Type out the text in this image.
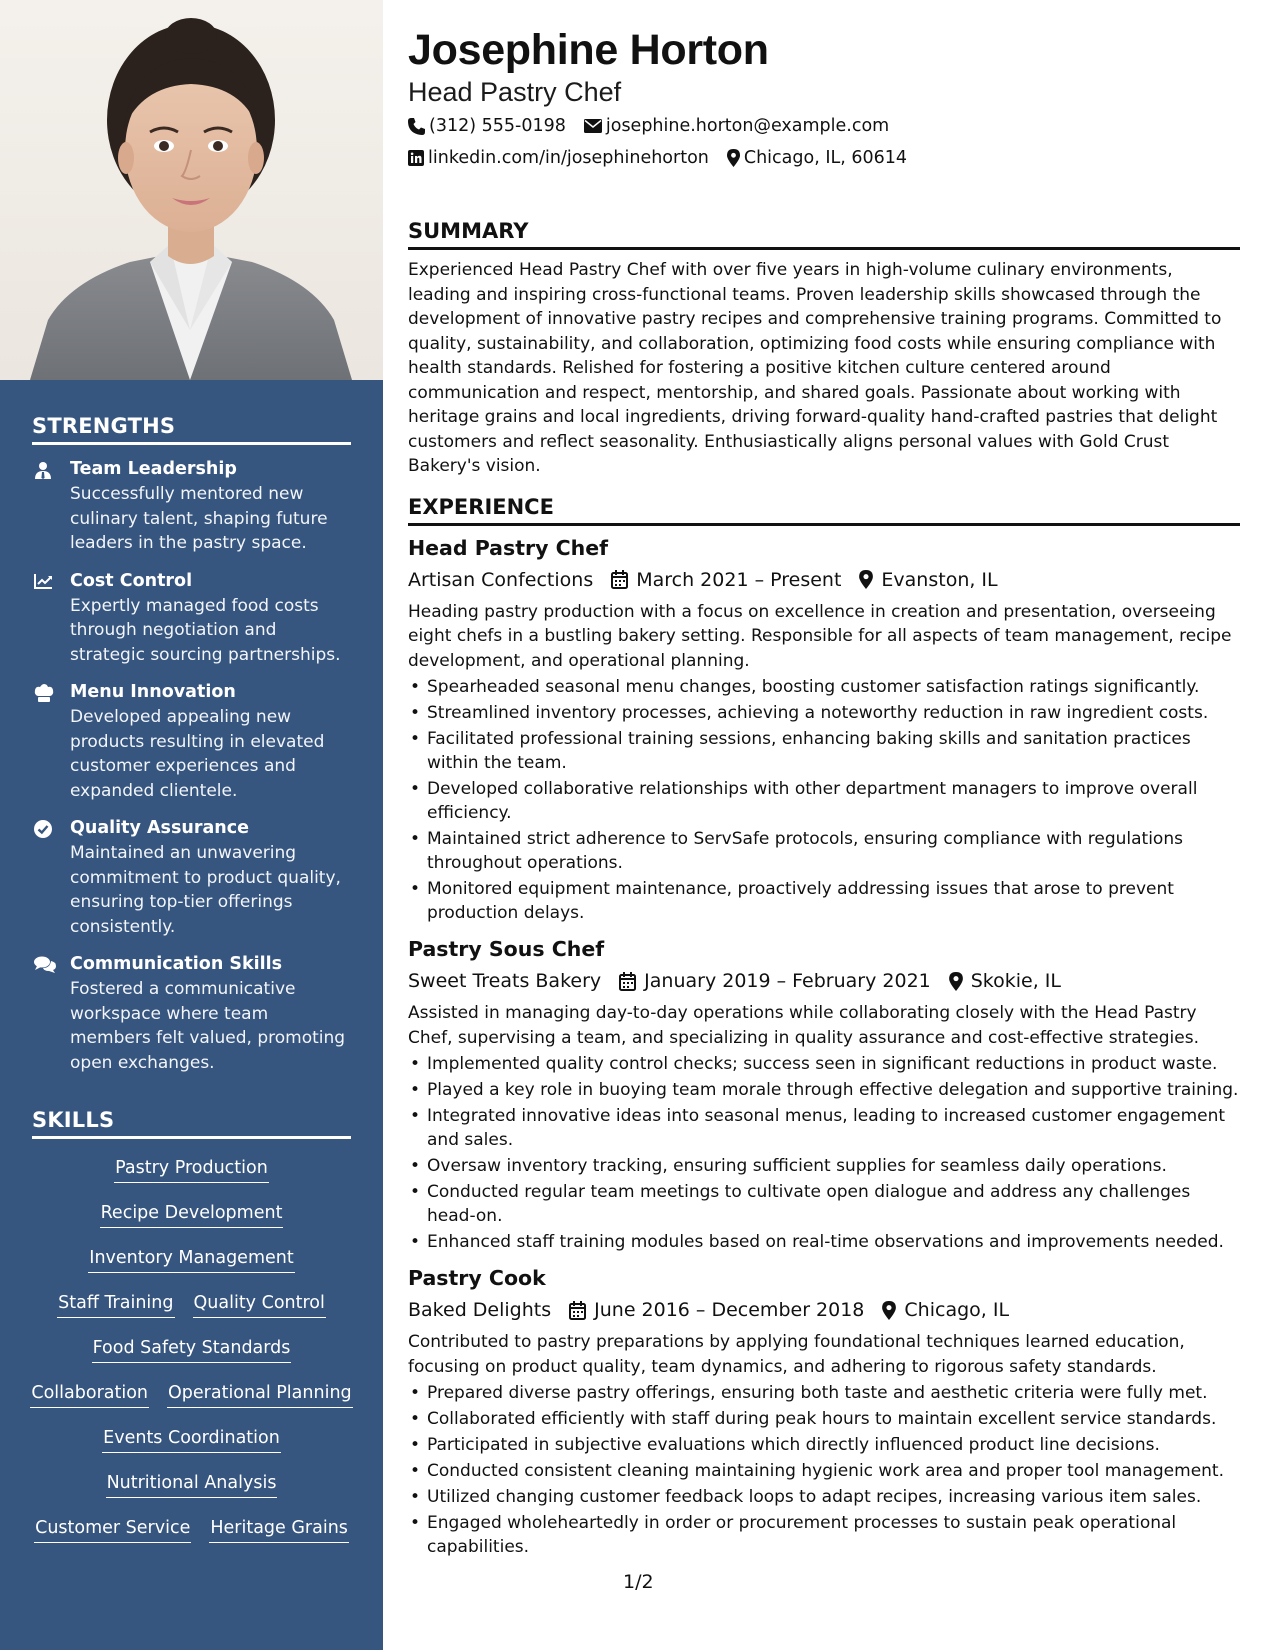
STRENGTHS
Team Leadership
Successfully mentored new culinary talent, shaping future leaders in the pastry space.
Cost Control
Expertly managed food costs through negotiation and strategic sourcing partnerships.
Menu Innovation
Developed appealing new products resulting in elevated customer experiences and expanded clientele.
Quality Assurance
Maintained an unwavering commitment to product quality, ensuring top-tier offerings consistently.
Communication Skills
Fostered a communicative workspace where team members felt valued, promoting open exchanges.
SKILLS
Pastry Production
Recipe Development
Inventory Management
Staff Training Quality Control
Food Safety Standards
Collaboration Operational Planning
Events Coordination
Nutritional Analysis
Customer Service Heritage Grains
Josephine Horton
Head Pastry Chef
(312) 555-0198 josephine.horton@example.com
linkedin.com/in/josephinehorton Chicago, IL, 60614
SUMMARY

Experienced Head Pastry Chef with over five years in high-volume culinary environments, leading and inspiring cross-functional teams. Proven leadership skills showcased through the development of innovative pastry recipes and comprehensive training programs. Committed to quality, sustainability, and collaboration, optimizing food costs while ensuring compliance with health standards. Relished for fostering a positive kitchen culture centered around communication and respect, mentorship, and shared goals. Passionate about working with heritage grains and local ingredients, driving forward-quality hand-crafted pastries that delight customers and reflect seasonality. Enthusiastically aligns personal values with Gold Crust Bakery's vision.

EXPERIENCE
Head Pastry Chef
Artisan Confections March 2021 – Present Evanston, IL

Heading pastry production with a focus on excellence in creation and presentation, overseeing eight chefs in a bustling bakery setting. Responsible for all aspects of team management, recipe development, and operational planning.

• Spearheaded seasonal menu changes, boosting customer satisfaction ratings significantly.
• Streamlined inventory processes, achieving a noteworthy reduction in raw ingredient costs.
• Facilitated professional training sessions, enhancing baking skills and sanitation practices within the team.
• Developed collaborative relationships with other department managers to improve overall efficiency.
• Maintained strict adherence to ServSafe protocols, ensuring compliance with regulations throughout operations.
• Monitored equipment maintenance, proactively addressing issues that arose to prevent production delays.
Pastry Sous Chef
Sweet Treats Bakery January 2019 – February 2021 Skokie, IL

Assisted in managing day-to-day operations while collaborating closely with the Head Pastry Chef, supervising a team, and specializing in quality assurance and cost-effective strategies.

• Implemented quality control checks; success seen in significant reductions in product waste.
• Played a key role in buoying team morale through effective delegation and supportive training.
• Integrated innovative ideas into seasonal menus, leading to increased customer engagement and sales.
• Oversaw inventory tracking, ensuring sufficient supplies for seamless daily operations.
• Conducted regular team meetings to cultivate open dialogue and address any challenges head-on.
• Enhanced staff training modules based on real-time observations and improvements needed.
Pastry Cook
Baked Delights June 2016 – December 2018 Chicago, IL

Contributed to pastry preparations by applying foundational techniques learned education, focusing on product quality, team dynamics, and adhering to rigorous safety standards.

• Prepared diverse pastry offerings, ensuring both taste and aesthetic criteria were fully met.
• Collaborated efficiently with staff during peak hours to maintain excellent service standards.
• Participated in subjective evaluations which directly influenced product line decisions.
• Conducted consistent cleaning maintaining hygienic work area and proper tool management.
• Utilized changing customer feedback loops to adapt recipes, increasing various item sales.
• Engaged wholeheartedly in order or procurement processes to sustain peak operational capabilities.
1/2
